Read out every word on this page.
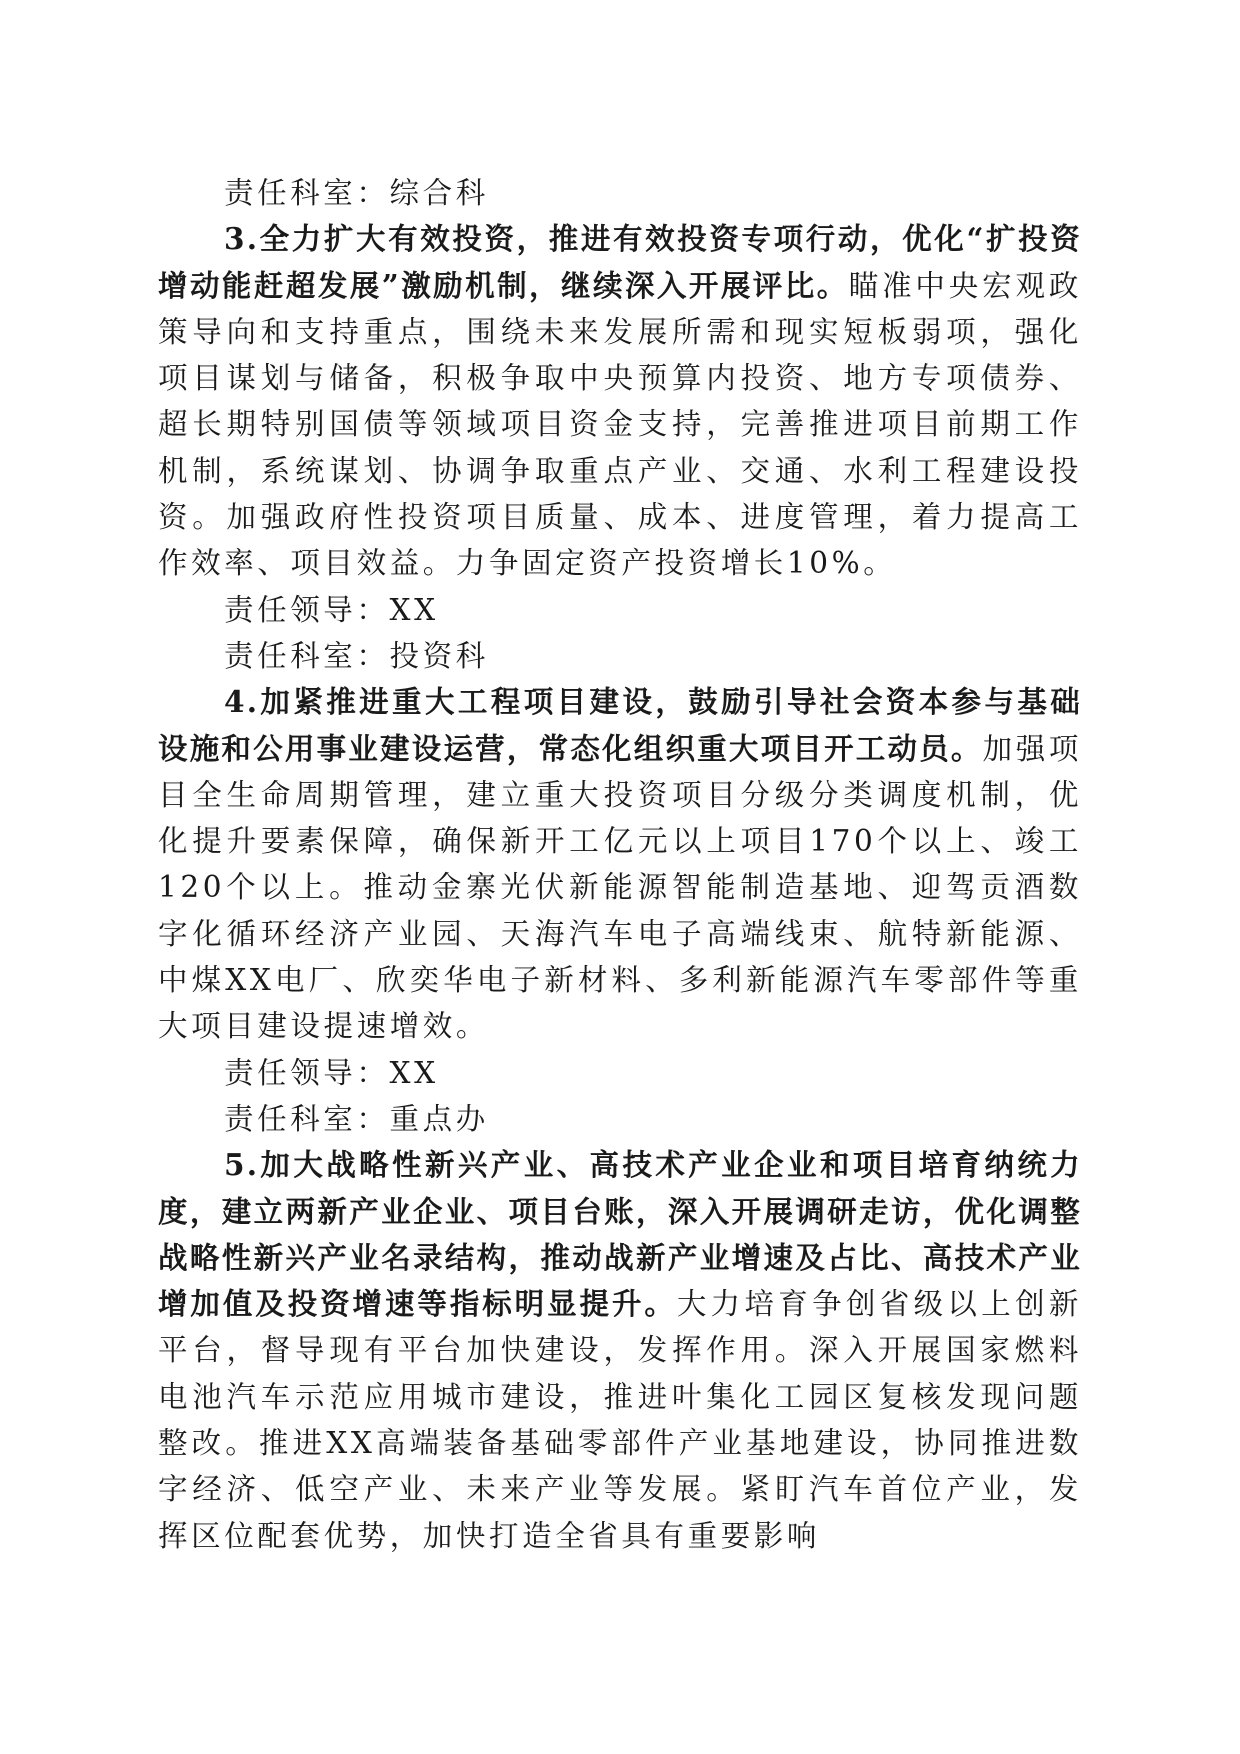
责任科室：综合科

3.全力扩大有效投资，推进有效投资专项行动，优化“扩投资增动能赶超发展”激励机制，继续深入开展评比。瞄准中央宏观政策导向和支持重点，围绕未来发展所需和现实短板弱项，强化项目谋划与储备，积极争取中央预算内投资、地方专项债券、超长期特别国债等领域项目资金支持，完善推进项目前期工作机制，系统谋划、协调争取重点产业、交通、水利工程建设投资。加强政府性投资项目质量、成本、进度管理，着力提高工作效率、项目效益。力争固定资产投资增长10%。

责任领导：XX

责任科室：投资科

4.加紧推进重大工程项目建设，鼓励引导社会资本参与基础设施和公用事业建设运营，常态化组织重大项目开工动员。加强项目全生命周期管理，建立重大投资项目分级分类调度机制，优化提升要素保障，确保新开工亿元以上项目170个以上、竣工120个以上。推动金寨光伏新能源智能制造基地、迎驾贡酒数字化循环经济产业园、天海汽车电子高端线束、航特新能源、中煤XX电厂、欣奕华电子新材料、多利新能源汽车零部件等重大项目建设提速增效。

责任领导：XX

责任科室：重点办

5.加大战略性新兴产业、高技术产业企业和项目培育纳统力度，建立两新产业企业、项目台账，深入开展调研走访，优化调整战略性新兴产业名录结构，推动战新产业增速及占比、高技术产业增加值及投资增速等指标明显提升。大力培育争创省级以上创新平台，督导现有平台加快建设，发挥作用。深入开展国家燃料电池汽车示范应用城市建设，推进叶集化工园区复核发现问题整改。推进XX高端装备基础零部件产业基地建设，协同推进数字经济、低空产业、未来产业等发展。紧盯汽车首位产业，发挥区位配套优势，加快打造全省具有重要影响
